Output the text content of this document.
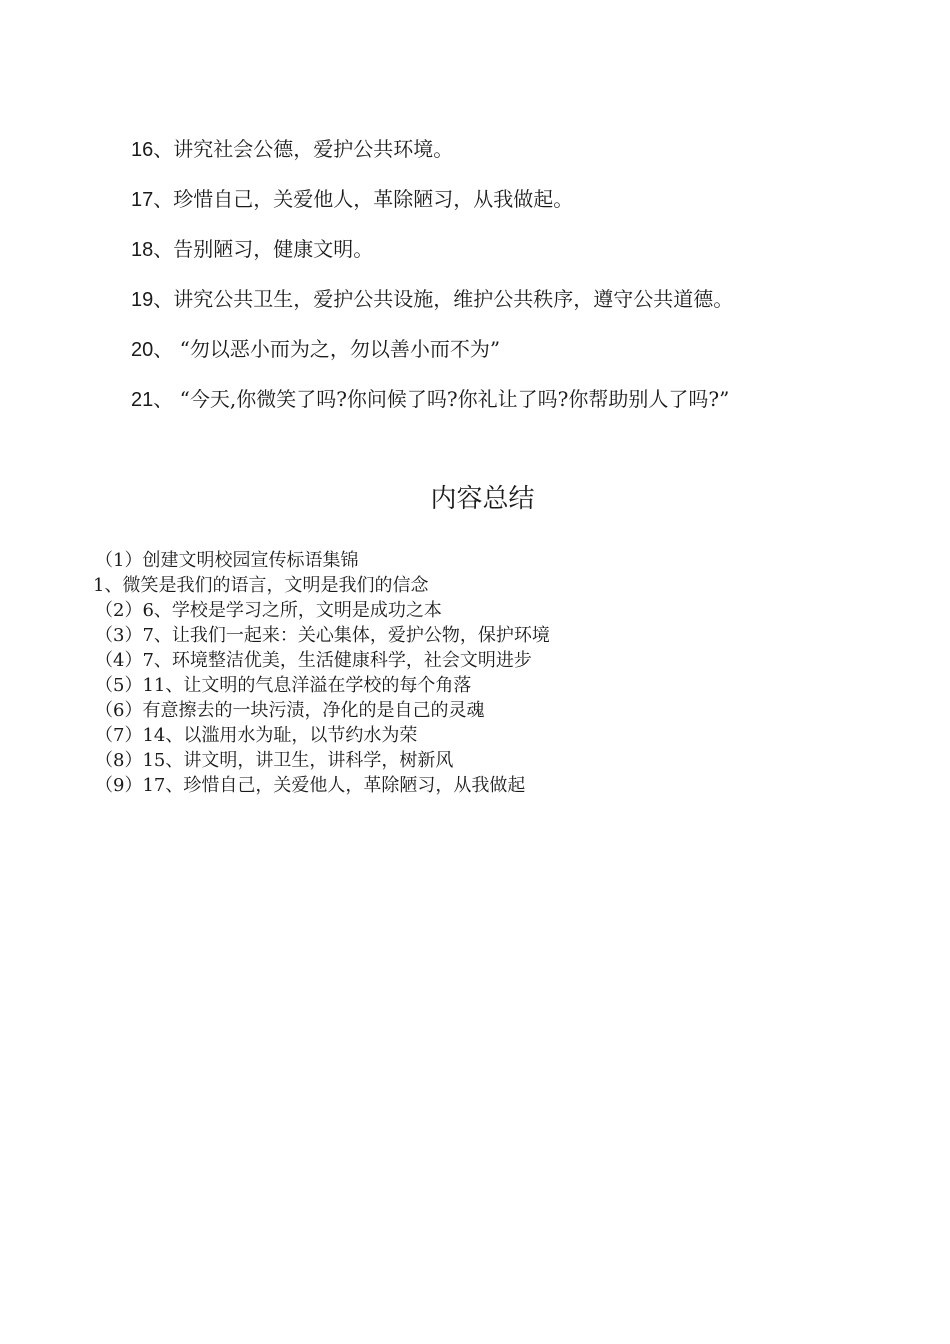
16、讲究社会公德，爱护公共环境。
17、珍惜自己，关爱他人，革除陋习，从我做起。
18、告别陋习，健康文明。
19、讲究公共卫生，爱护公共设施，维护公共秩序，遵守公共道德。
20、 “勿以恶小而为之，勿以善小而不为”
21、 “今天,你微笑了吗?你问候了吗?你礼让了吗?你帮助别人了吗?”
内容总结
（1）创建文明校园宣传标语集锦
1、微笑是我们的语言，文明是我们的信念
（2）6、学校是学习之所，文明是成功之本
（3）7、让我们一起来：关心集体，爱护公物，保护环境
（4）7、环境整洁优美，生活健康科学，社会文明进步
（5）11、让文明的气息洋溢在学校的每个角落
（6）有意擦去的一块污渍，净化的是自己的灵魂
（7）14、以滥用水为耻，以节约水为荣
（8）15、讲文明，讲卫生，讲科学，树新风
（9）17、珍惜自己，关爱他人，革除陋习，从我做起
